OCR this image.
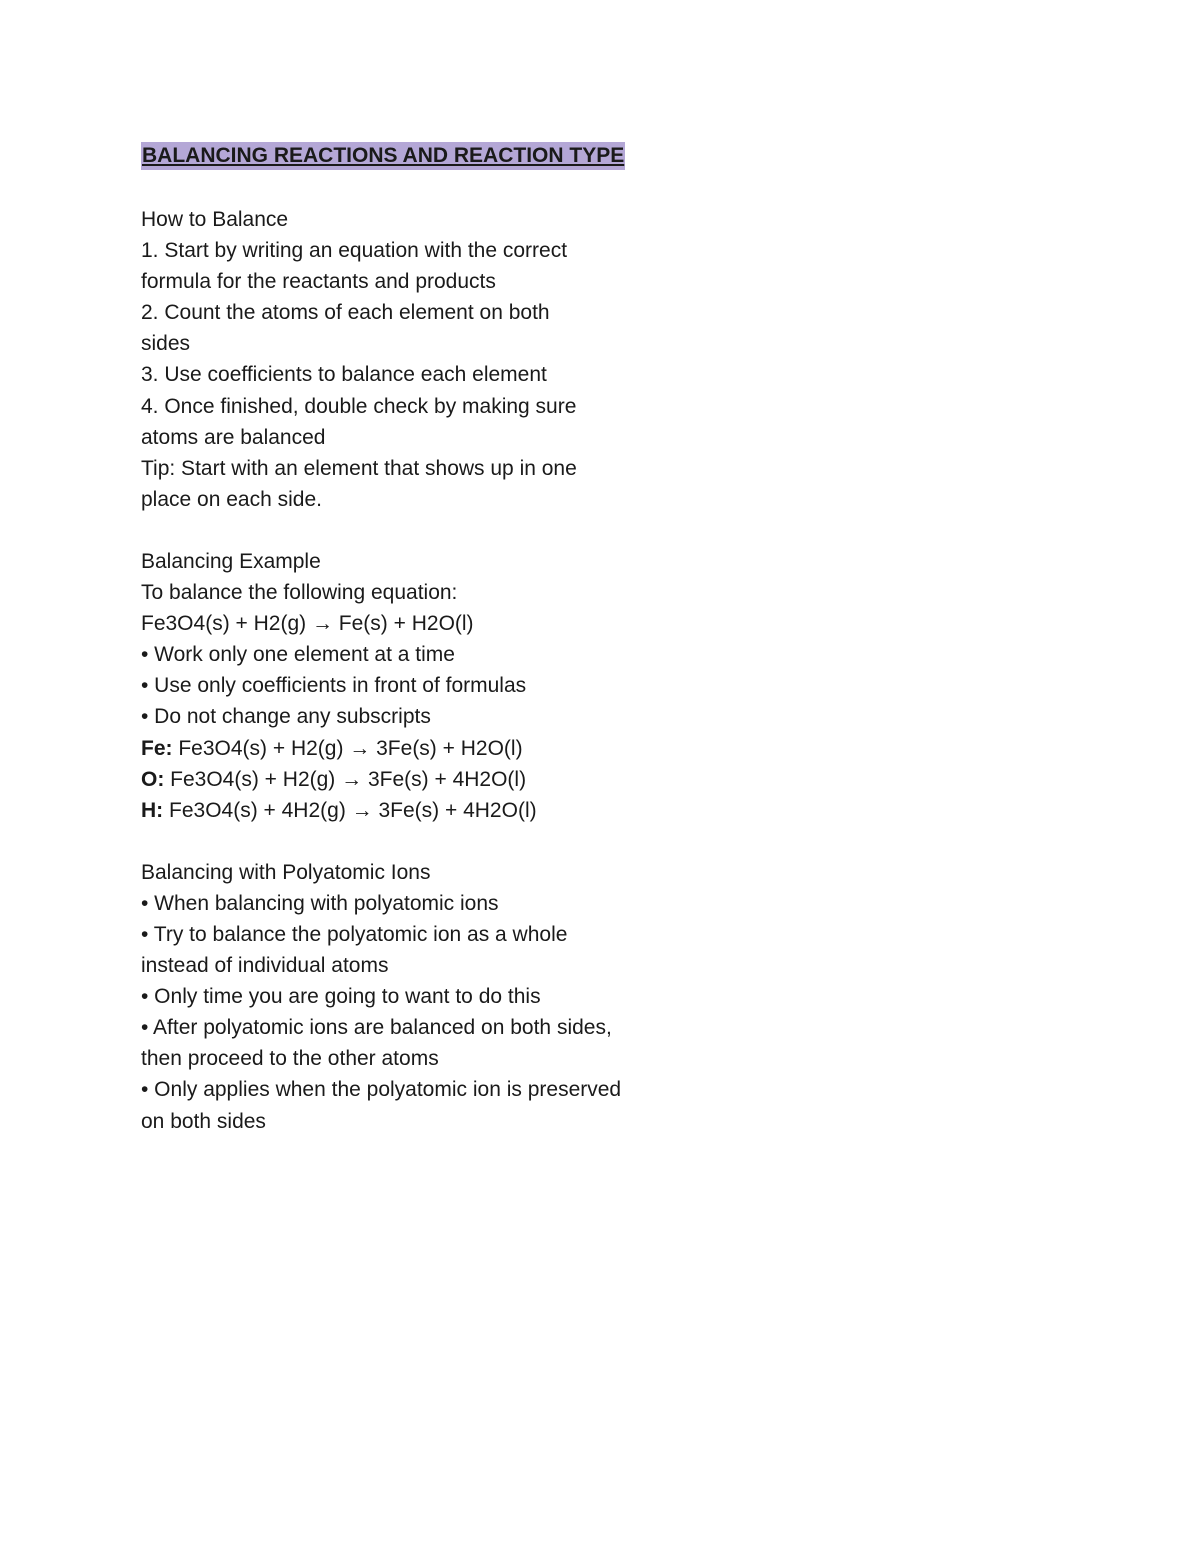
BALANCING REACTIONS AND REACTION TYPE

How to Balance

1. Start by writing an equation with the correct

formula for the reactants and products

2. Count the atoms of each element on both

sides

3. Use coefficients to balance each element

4. Once finished, double check by making sure

atoms are balanced

Tip: Start with an element that shows up in one

place on each side.

Balancing Example

To balance the following equation:

Fe3O4(s) + H2(g) → Fe(s) + H2O(l)

• Work only one element at a time

• Use only coefficients in front of formulas

• Do not change any subscripts

Fe: Fe3O4(s) + H2(g) → 3Fe(s) + H2O(l)

O: Fe3O4(s) + H2(g) → 3Fe(s) + 4H2O(l)

H: Fe3O4(s) + 4H2(g) → 3Fe(s) + 4H2O(l)

Balancing with Polyatomic Ions

• When balancing with polyatomic ions

• Try to balance the polyatomic ion as a whole

instead of individual atoms

• Only time you are going to want to do this

• After polyatomic ions are balanced on both sides,

then proceed to the other atoms

• Only applies when the polyatomic ion is preserved

on both sides
